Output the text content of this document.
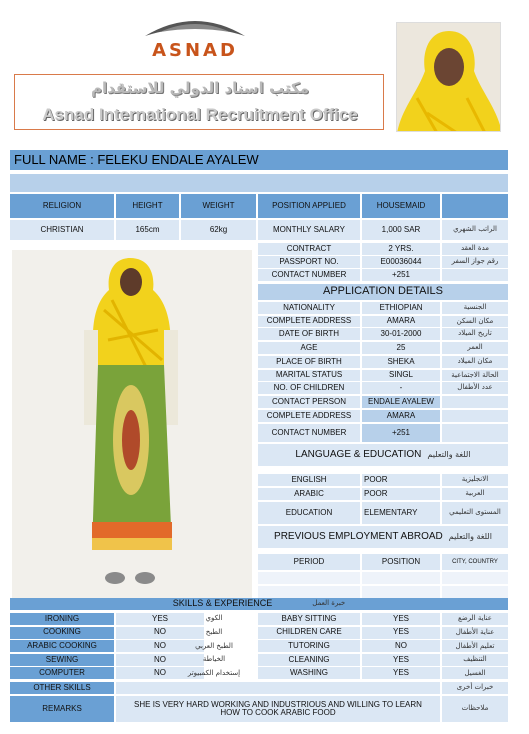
ASNAD
مكتب اسناد الدولي للاستقدام
Asnad International Recruitment Office
FULL NAME : FELEKU ENDALE AYALEW
RELIGION	HEIGHT	WEIGHT	POSITION APPLIED	HOUSEMAID
CHRISTIAN	165cm	62kg	MONTHLY SALARY	1,000 SAR	الراتب الشهري
CONTRACT	2 YRS.	مدة العقد
PASSPORT NO.	E00036044	رقم جواز السفر
CONTACT NUMBER	+251
APPLICATION DETAILS
NATIONALITY	ETHIOPIAN	الجنسية
COMPLETE ADDRESS	AMARA	مكان السكن
DATE OF BIRTH	30-01-2000	تاريخ الميلاد
AGE	25	العمر
PLACE OF BIRTH	SHEKA	مكان الميلاد
MARITAL STATUS	SINGL	الحالة الاجتماعية
NO. OF CHILDREN	-	عدد الأطفال
CONTACT PERSON	ENDALE AYALEW
COMPLETE ADDRESS	AMARA
CONTACT NUMBER	+251
LANGUAGE & EDUCATION اللغة والتعليم
ENGLISH	POOR	الانجليزية
ARABIC	POOR	العربية
EDUCATION	ELEMENTARY	المستوى التعليمي
PREVIOUS EMPLOYMENT ABROAD اللغة والتعليم
PERIOD	POSITION	CITY, COUNTRY
SKILLS & EXPERIENCE	خبرة العمل
IRONING	YES	الكوي	BABY SITTING	YES	عناية الرضع
COOKING	NO	الطبخ	CHILDREN CARE	YES	عناية الأطفال
ARABIC COOKING	NO	الطبخ العربي	TUTORING	NO	تعليم الأطفال
SEWING	NO	الخياطة	CLEANING	YES	التنظيف
COMPUTER	NO	إستخدام الكمبيوتر	WASHING	YES	الغسيل
OTHER SKILLS	خبرات أخرى
REMARKS	SHE IS VERY HARD WORKING AND INDUSTRIOUS AND WILLING TO LEARN HOW TO COOK ARABIC FOOD	ملاحظات
